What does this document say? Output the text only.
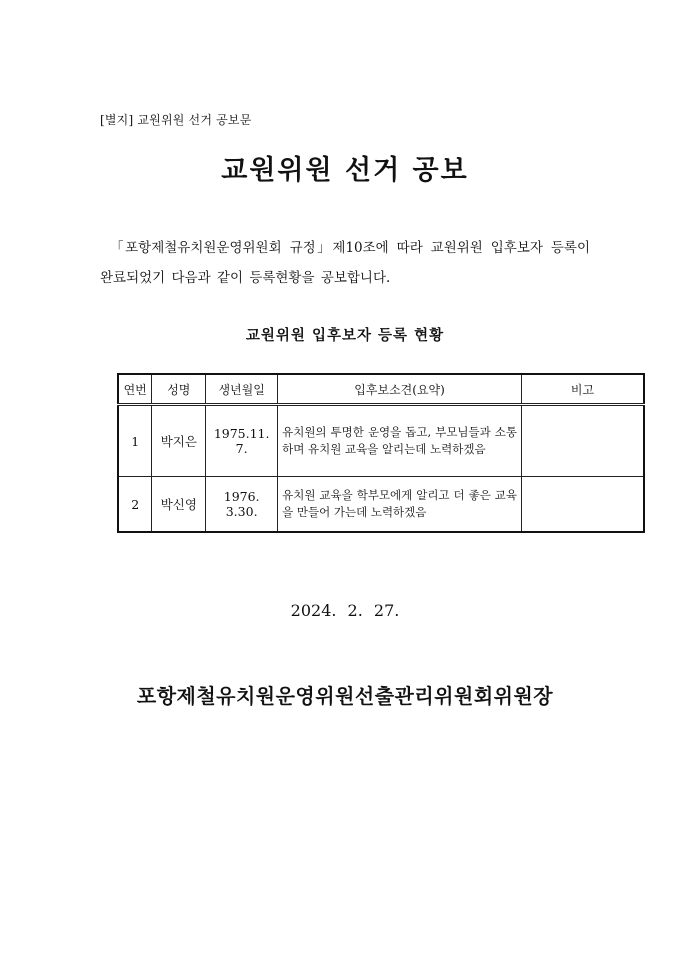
[별지] 교원위원 선거 공보문
교원위원 선거 공보
「포항제철유치원운영위원회 규정」제10조에 따라 교원위원 입후보자 등록이 완료되었기 다음과 같이 등록현황을 공보합니다.
교원위원 입후보자 등록 현황
연번	성명	생년월일	입후보소견(요약)	비고
1	박지은	1975.11. 7.	유치원의 투명한 운영을 돕고, 부모님들과 소통하며 유치원 교육을 알리는데 노력하겠음	
2	박신영	1976. 3.30.	유치원 교육을 학부모에게 알리고 더 좋은 교육을 만들어 가는데 노력하겠음	
2024. 2. 27.
포항제철유치원운영위원선출관리위원회위원장
